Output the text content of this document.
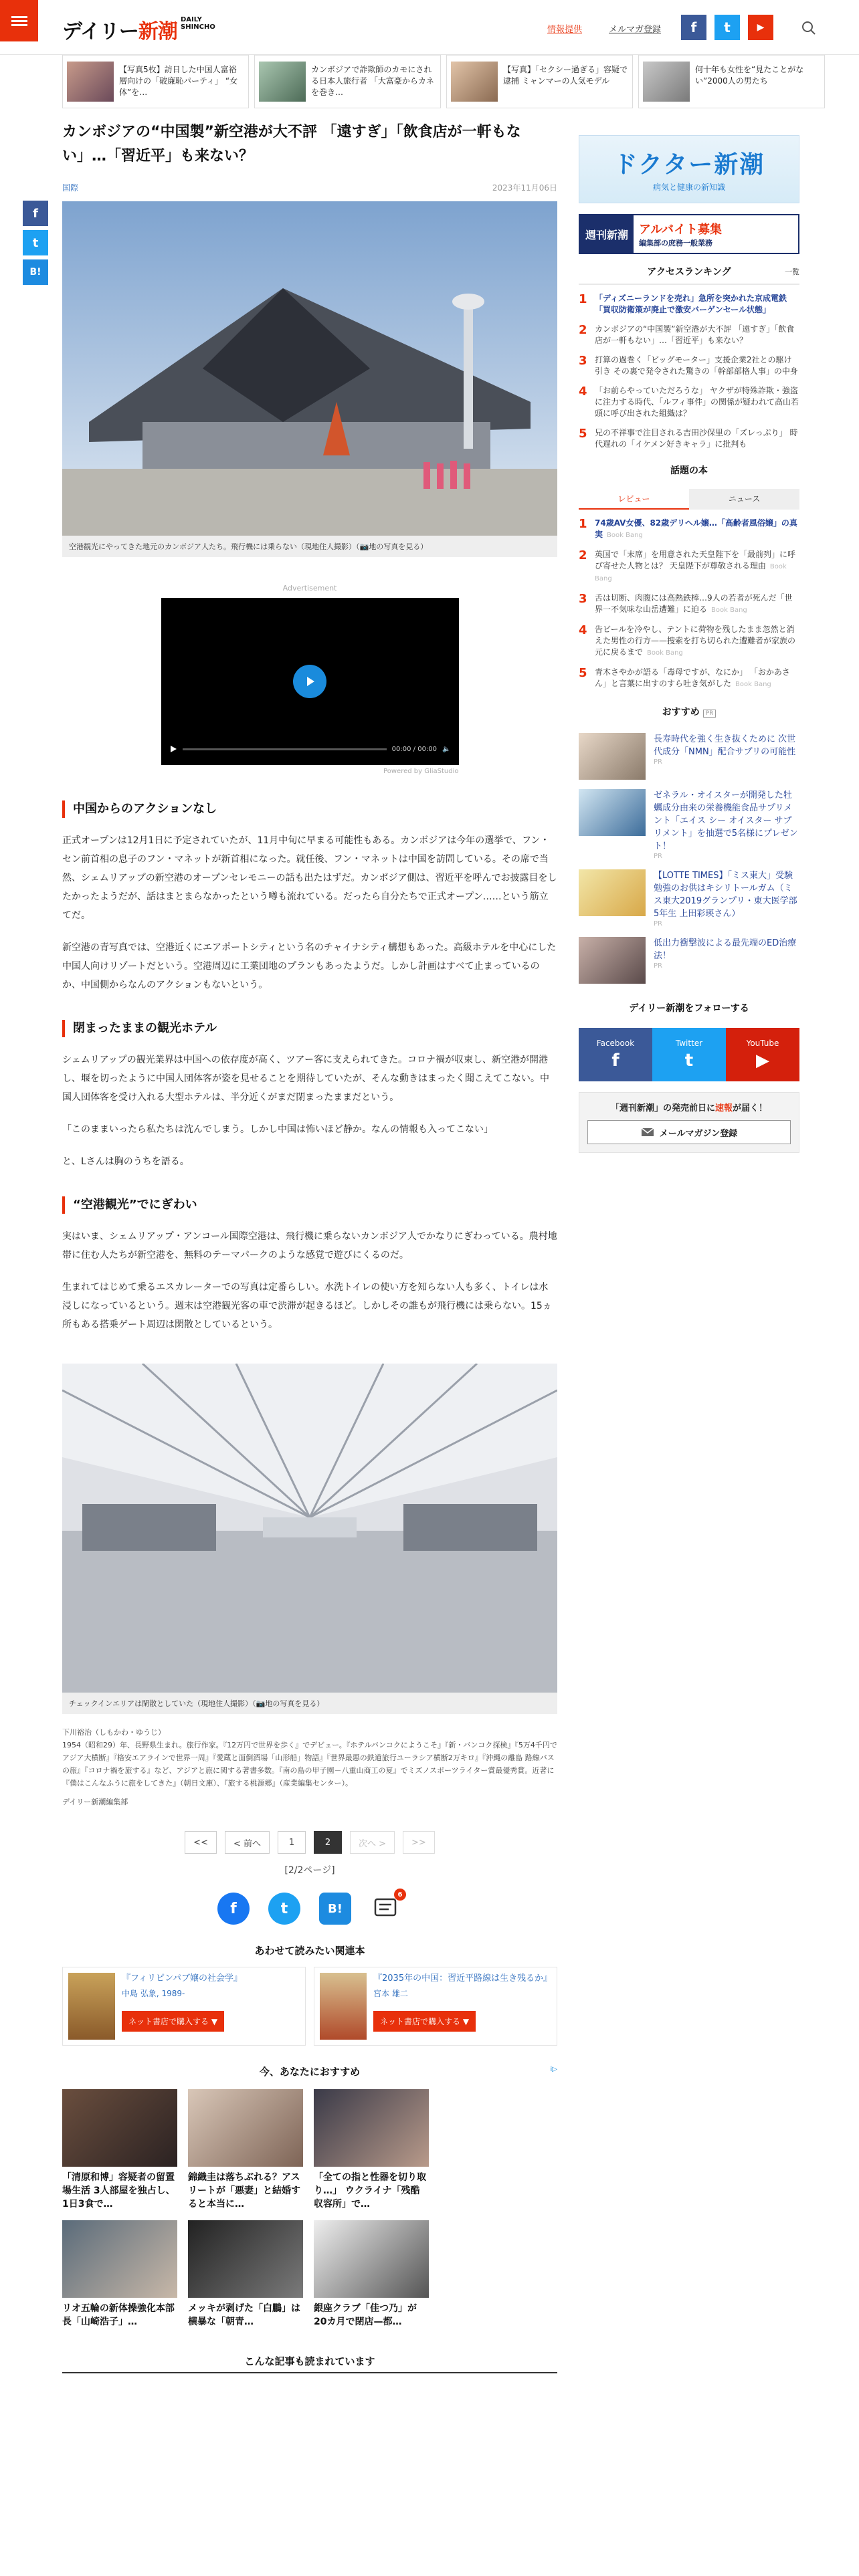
デイリー新潮
DAILY
SHINCHO	情報提供	メルマガ登録	f	t	▶
【写真5枚】訪日した中国人富裕層向けの「破廉恥パーティ」 “女体”を…
カンボジアで詐欺師のカモにされる日本人旅行者 「大富豪からカネを巻き…
【写真】「セクシー過ぎる」容疑で逮捕 ミャンマーの人気モデル
何十年も女性を“見たことがない”2000人の男たち
f
t
B!
カンボジアの“中国製”新空港が大不評 「遠すぎ」「飲食店が一軒もない」…「習近平」も来ない？
国際	2023年11月06日
空港観光にやってきた地元のカンボジア人たち。飛行機には乗らない（現地住人撮影）（📷地の写真を見る）
Advertisement
00:00 / 00:00 🔈
Powered by GliaStudio
中国からのアクションなし

正式オープンは12月1日に予定されていたが、11月中旬に早まる可能性もある。カンボジアは今年の選挙で、フン・セン前首相の息子のフン・マネットが新首相になった。就任後、フン・マネットは中国を訪問している。その席で当然、シェムリアップの新空港のオープンセレモニーの話も出たはずだ。カンボジア側は、習近平を呼んでお披露目をしたかったようだが、話はまとまらなかったという噂も流れている。だったら自分たちで正式オープン……という筋立てだ。

新空港の青写真では、空港近くにエアポートシティという名のチャイナシティ構想もあった。高級ホテルを中心にした中国人向けリゾートだという。空港周辺に工業団地のプランもあったようだ。しかし計画はすべて止まっているのか、中国側からなんのアクションもないという。

閉まったままの観光ホテル

シェムリアップの観光業界は中国への依存度が高く、ツアー客に支えられてきた。コロナ禍が収束し、新空港が開港し、堰を切ったように中国人団体客が姿を見せることを期待していたが、そんな動きはまったく聞こえてこない。中国人団体客を受け入れる大型ホテルは、半分近くがまだ閉まったままだという。

「このままいったら私たちは沈んでしまう。しかし中国は怖いほど静か。なんの情報も入ってこない」

と、Lさんは胸のうちを語る。

“空港観光”でにぎわい

実はいま、シェムリアップ・アンコール国際空港は、飛行機に乗らないカンボジア人でかなりにぎわっている。農村地帯に住む人たちが新空港を、無料のテーマパークのような感覚で遊びにくるのだ。

生まれてはじめて乗るエスカレーターでの写真は定番らしい。水洗トイレの使い方を知らない人も多く、トイレは水浸しになっているという。週末は空港観光客の車で渋滞が起きるほど。しかしその誰もが飛行機には乗らない。15ヵ所もある搭乗ゲート周辺は閑散としているという。

チェックインエリアは閑散としていた（現地住人撮影）（📷地の写真を見る）
下川裕治（しもかわ・ゆうじ）
1954（昭和29）年、長野県生まれ。旅行作家。『12万円で世界を歩く』でデビュー。『ホテルバンコクにようこそ』『新・バンコク探検』『5万4千円でアジア大横断』『格安エアラインで世界一周』『愛蔵と面倒酒場「山形船」物語』『世界最悪の鉄道旅行ユーラシア横断2万キロ』『沖縄の離島 路線バスの旅』『コロナ禍を旅する』など、アジアと旅に関する著書多数。『南の島の甲子園－八重山商工の夏』でミズノスポーツライター賞最優秀賞。近著に『僕はこんなふうに旅をしてきた』（朝日文庫）、『旅する桃源郷』（産業編集センター）。
デイリー新潮編集部
<<	< 前へ	1	2	次へ >	>>
[2/2ページ]
f	t	B!
6
あわせて読みたい関連本
『フィリピンパブ嬢の社会学』
中島 弘象, 1989-
ネット書店で購入する ▼
『2035年の中国：習近平路線は生き残るか』
宮本 雄二
ネット書店で購入する ▼
今、あなたにおすすめ	i▷
「清原和博」容疑者の留置場生活 3人部屋を独占し、1日3食で…
錦織圭は落ちぶれる？アスリートが「悪妻」と結婚すると本当に…
「全ての指と性器を切り取り…」 ウクライナ「残酷収容所」で…
リオ五輪の新体操強化本部長「山崎浩子」…
メッキが剥げた「白鵬」は横暴な「朝青…
銀座クラブ「佳つ乃」が20カ月で閉店—都…
こんな記事も読まれています
ドクター新潮
病気と健康の新知識
週刊新潮 アルバイト募集
編集部の庶務一般業務
アクセスランキング	一覧
1 「ディズニーランドを売れ」急所を突かれた京成電鉄 「買収防衛策が廃止で激安バーゲンセール状態」
2 カンボジアの“中国製”新空港が大不評 「遠すぎ」「飲食店が一軒もない」…「習近平」も来ない？
3 打算の過巻く「ビッグモーター」支援企業2社との駆け引き その裏で発令された驚きの「幹部部格人事」の中身
4 「お前らやっていただろうな」 ヤクザが特殊詐欺・強盗に注力する時代、「ルフィ事件」の関係が疑われて高山若頭に呼び出された組織は？
5 兄の不祥事で注目される吉田沙保里の「ズレっぷり」 時代遅れの「イケメン好きキャラ」に批判も
話題の本
レビュー	ニュース
1 74歳AV女優、82歳デリヘル嬢…「高齢者風俗嬢」の真実 Book Bang
2 英国で「末席」を用意された天皇陛下を「最前列」に呼び寄せた人物とは？ 天皇陛下が尊敬される理由 Book Bang
3 舌は切断、肉腹には高熱鉄棒…9人の若者が死んだ「世界一不気味な山岳遭難」に迫る Book Bang
4 告ビールを冷やし、テントに荷物を残したまま忽然と消えた男性の行方——捜索を打ち切られた遭難者が家族の元に戻るまで Book Bang
5 青木さやかが語る「毒母ですが、なにか」 「おかあさん」と言葉に出すのすら吐き気がした Book Bang
おすすめ PR
長寿時代を強く生き抜くために 次世代成分「NMN」配合サプリの可能性
PR
ゼネラル・オイスターが開発した牡蠣成分由来の栄養機能食品サプリメント「エイス シー オイスター サプリメント」を抽選で5名様にプレゼント！
PR
【LOTTE TIMES】「ミス東大」受験勉強のお供はキシリトールガム（ミス東大2019グランプリ・東大医学部5年生 上田彩瑛さん）
PR
低出力衝撃波による最先端のED治療法！
PR
デイリー新潮をフォローする
Facebook
f
Twitter
t
YouTube
▶
「週刊新潮」の発売前日に速報が届く！
メールマガジン登録
